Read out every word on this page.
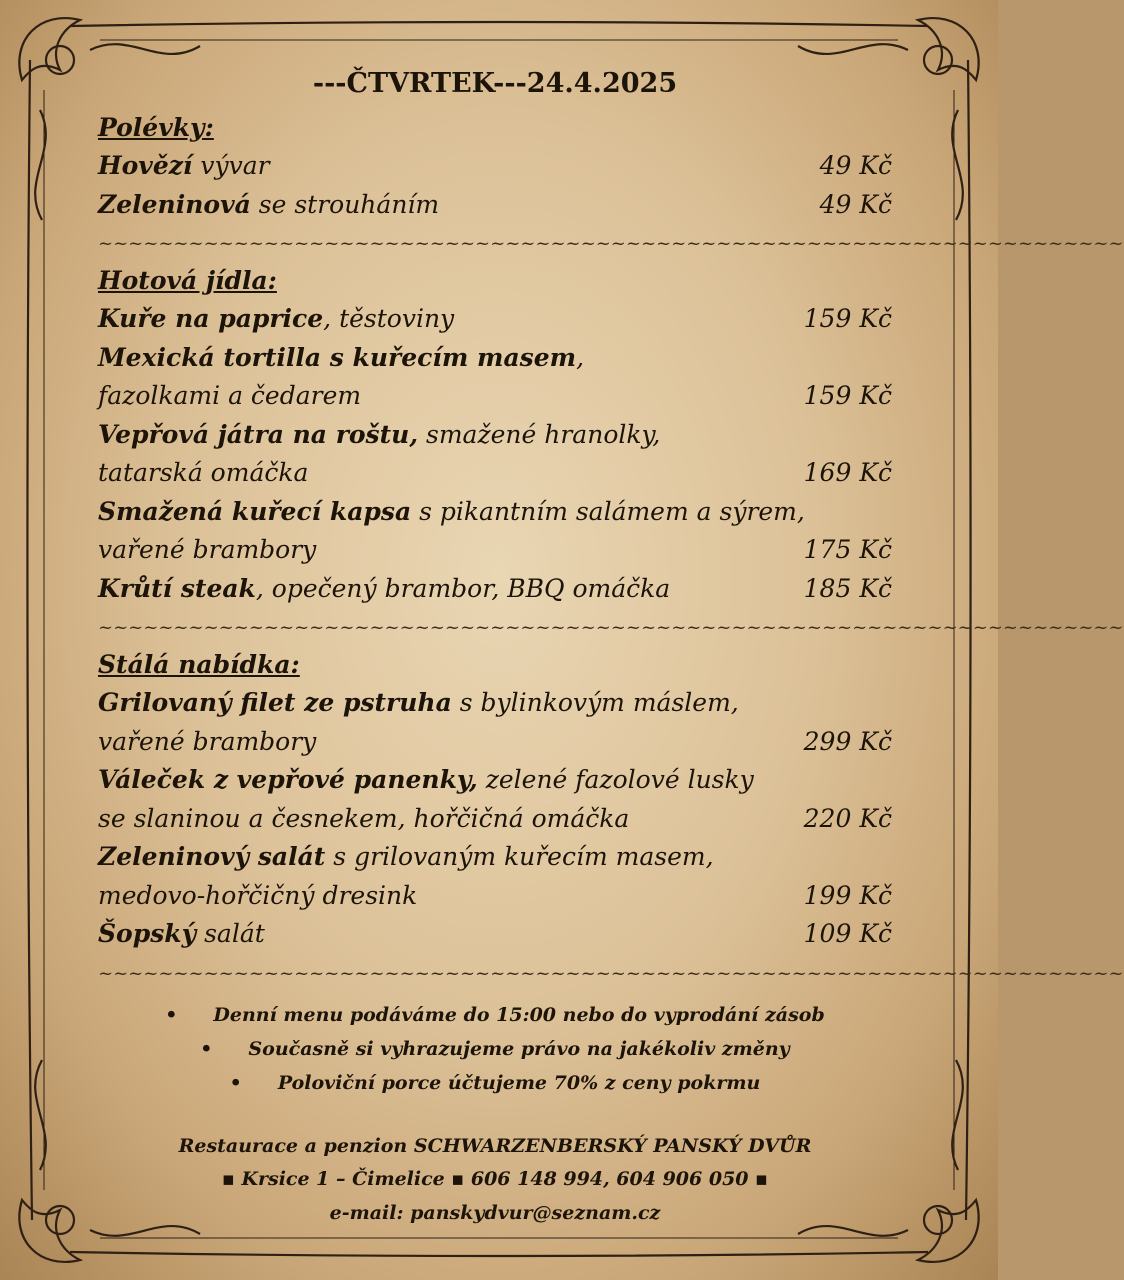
---ČTVRTEK---24.4.2025
Polévky:
Hovězí vývar	49 Kč
Zeleninová se strouháním	49 Kč
~~~~~~~~~~~~~~~~~~~~~~~~~~~~~~~~~~~~~~~~~~~~~~~~~~~~~~~~~~~~~~~~~~~~
Hotová jídla:
Kuře na paprice, těstoviny	159 Kč
Mexická tortilla s kuřecím masem,
fazolkami a čedarem	159 Kč
Vepřová játra na roštu, smažené hranolky,
tatarská omáčka	169 Kč
Smažená kuřecí kapsa s pikantním salámem a sýrem,
vařené brambory	175 Kč
Krůtí steak, opečený brambor, BBQ omáčka	185 Kč
~~~~~~~~~~~~~~~~~~~~~~~~~~~~~~~~~~~~~~~~~~~~~~~~~~~~~~~~~~~~~~~~~~~~
Stálá nabídka:
Grilovaný filet ze pstruha s bylinkovým máslem,
vařené brambory	299 Kč
Váleček z vepřové panenky, zelené fazolové lusky
se slaninou a česnekem, hořčičná omáčka	220 Kč
Zeleninový salát s grilovaným kuřecím masem,
medovo-hořčičný dresink	199 Kč
Šopský salát	109 Kč
~~~~~~~~~~~~~~~~~~~~~~~~~~~~~~~~~~~~~~~~~~~~~~~~~~~~~~~~~~~~~~~~~~~~
• Denní menu podáváme do 15:00 nebo do vyprodání zásob
• Současně si vyhrazujeme právo na jakékoliv změny
• Poloviční porce účtujeme 70% z ceny pokrmu
Restaurace a penzion SCHWARZENBERSKÝ PANSKÝ DVŮR
▪ Krsice 1 – Čimelice ▪ 606 148 994, 604 906 050 ▪
e-mail: panskydvur@seznam.cz
